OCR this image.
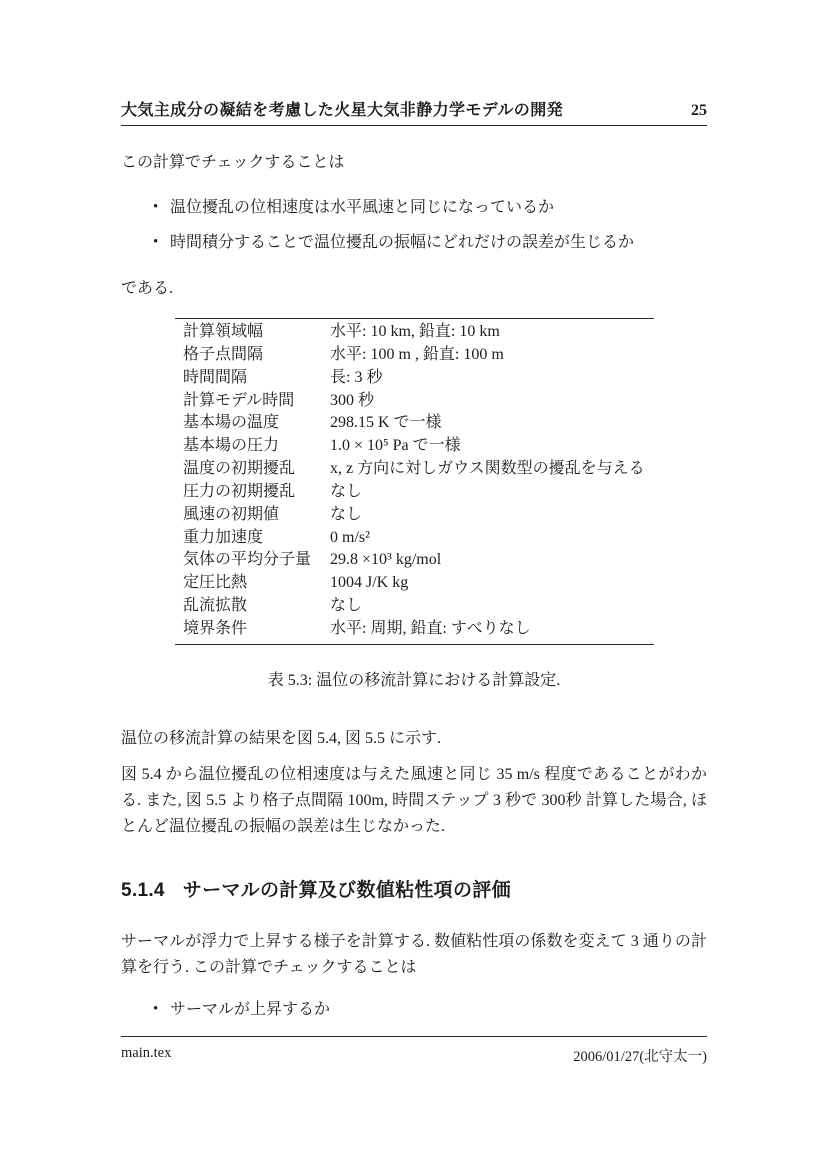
大気主成分の凝結を考慮した火星大気非静力学モデルの開発	25
この計算でチェックすることは
• 温位擾乱の位相速度は水平風速と同じになっているか
• 時間積分することで温位擾乱の振幅にどれだけの誤差が生じるか
である.
計算領域幅	水平: 10 km, 鉛直: 10 km
格子点間隔	水平: 100 m , 鉛直: 100 m
時間間隔	長: 3 秒
計算モデル時間	300 秒
基本場の温度	298.15 K で一様
基本場の圧力	1.0 × 10⁵ Pa で一様
温度の初期擾乱	x, z 方向に対しガウス関数型の擾乱を与える
圧力の初期擾乱	なし
風速の初期値	なし
重力加速度	0 m/s²
気体の平均分子量	29.8 ×10³ kg/mol
定圧比熱	1004 J/K kg
乱流拡散	なし
境界条件	水平: 周期, 鉛直: すべりなし
表 5.3: 温位の移流計算における計算設定.
温位の移流計算の結果を図 5.4, 図 5.5 に示す.
図 5.4 から温位擾乱の位相速度は与えた風速と同じ 35 m/s 程度であることがわかる. また, 図 5.5 より格子点間隔 100m, 時間ステップ 3 秒で 300秒 計算した場合, ほとんど温位擾乱の振幅の誤差は生じなかった.
5.1.4 サーマルの計算及び数値粘性項の評価
サーマルが浮力で上昇する様子を計算する. 数値粘性項の係数を変えて 3 通りの計算を行う. この計算でチェックすることは
• サーマルが上昇するか
main.tex	2006/01/27(北守太一)
